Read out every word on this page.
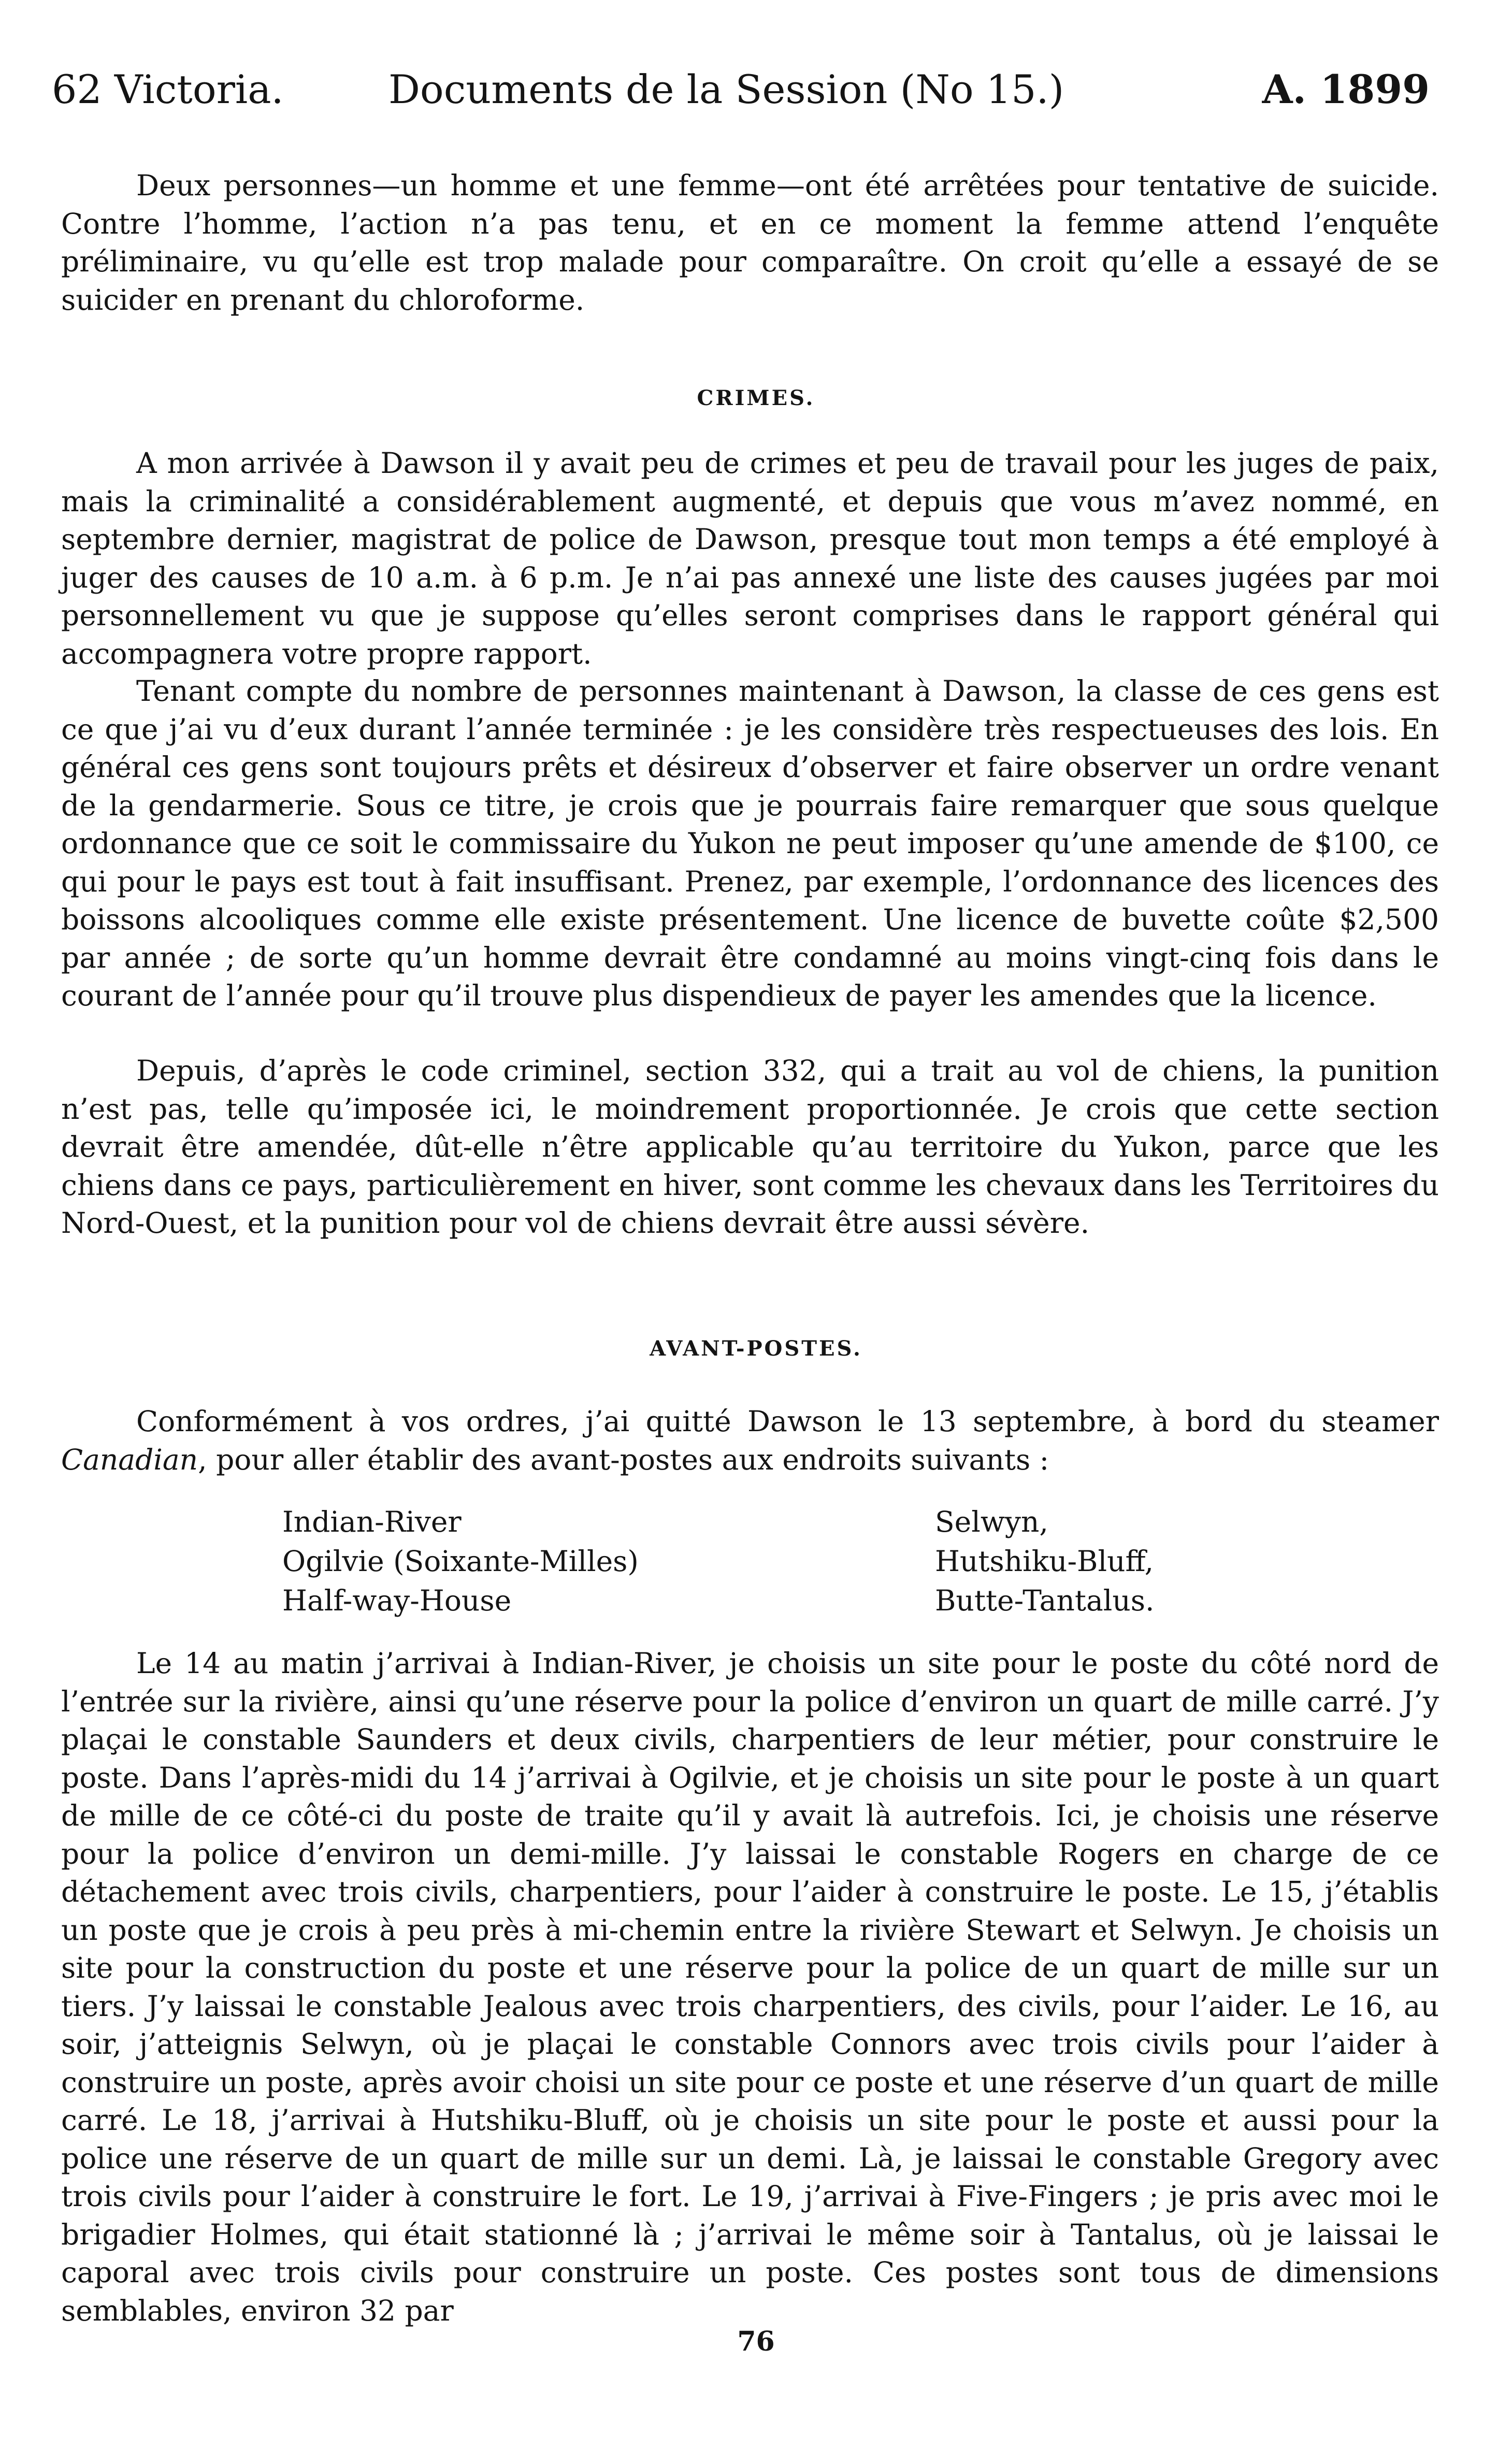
62 Victoria.	Documents de la Session (No 15.)	A. 1899

Deux personnes—un homme et une femme—ont été arrêtées pour tentative de suicide. Contre l’homme, l’action n’a pas tenu, et en ce moment la femme attend l’enquête préliminaire, vu qu’elle est trop malade pour comparaître. On croit qu’elle a essayé de se suicider en prenant du chloroforme.

CRIMES.

A mon arrivée à Dawson il y avait peu de crimes et peu de travail pour les juges de paix, mais la criminalité a considérablement augmenté, et depuis que vous m’avez nommé, en septembre dernier, magistrat de police de Dawson, presque tout mon temps a été employé à juger des causes de 10 a.m. à 6 p.m. Je n’ai pas annexé une liste des causes jugées par moi personnellement vu que je suppose qu’elles seront comprises dans le rapport général qui accompagnera votre propre rapport.

Tenant compte du nombre de personnes maintenant à Dawson, la classe de ces gens est ce que j’ai vu d’eux durant l’année terminée : je les considère très respectueuses des lois. En général ces gens sont toujours prêts et désireux d’observer et faire observer un ordre venant de la gendarmerie. Sous ce titre, je crois que je pourrais faire remarquer que sous quelque ordonnance que ce soit le commissaire du Yukon ne peut imposer qu’une amende de $100, ce qui pour le pays est tout à fait insuffisant. Prenez, par exemple, l’ordonnance des licences des boissons alcooliques comme elle existe présentement. Une licence de buvette coûte $2,500 par année ; de sorte qu’un homme devrait être condamné au moins vingt-cinq fois dans le courant de l’année pour qu’il trouve plus dispendieux de payer les amendes que la licence.

Depuis, d’après le code criminel, section 332, qui a trait au vol de chiens, la punition n’est pas, telle qu’imposée ici, le moindrement proportionnée. Je crois que cette section devrait être amendée, dût-elle n’être applicable qu’au territoire du Yukon, parce que les chiens dans ce pays, particulièrement en hiver, sont comme les chevaux dans les Territoires du Nord-Ouest, et la punition pour vol de chiens devrait être aussi sévère.

AVANT-POSTES.

Conformément à vos ordres, j’ai quitté Dawson le 13 septembre, à bord du steamer Canadian, pour aller établir des avant-postes aux endroits suivants :

Indian-River
Ogilvie (Soixante-Milles)
Half-way-House
Selwyn,
Hutshiku-Bluff,
Butte-Tantalus.

Le 14 au matin j’arrivai à Indian-River, je choisis un site pour le poste du côté nord de l’entrée sur la rivière, ainsi qu’une réserve pour la police d’environ un quart de mille carré. J’y plaçai le constable Saunders et deux civils, charpentiers de leur métier, pour construire le poste. Dans l’après-midi du 14 j’arrivai à Ogilvie, et je choisis un site pour le poste à un quart de mille de ce côté-ci du poste de traite qu’il y avait là autrefois. Ici, je choisis une réserve pour la police d’environ un demi-mille. J’y laissai le constable Rogers en charge de ce détachement avec trois civils, charpentiers, pour l’aider à construire le poste. Le 15, j’établis un poste que je crois à peu près à mi-chemin entre la rivière Stewart et Selwyn. Je choisis un site pour la construction du poste et une réserve pour la police de un quart de mille sur un tiers. J’y laissai le constable Jealous avec trois charpentiers, des civils, pour l’aider. Le 16, au soir, j’atteignis Selwyn, où je plaçai le constable Connors avec trois civils pour l’aider à construire un poste, après avoir choisi un site pour ce poste et une réserve d’un quart de mille carré. Le 18, j’arrivai à Hutshiku-Bluff, où je choisis un site pour le poste et aussi pour la police une réserve de un quart de mille sur un demi. Là, je laissai le constable Gregory avec trois civils pour l’aider à construire le fort. Le 19, j’arrivai à Five-Fingers ; je pris avec moi le brigadier Holmes, qui était stationné là ; j’arrivai le même soir à Tantalus, où je laissai le caporal avec trois civils pour construire un poste. Ces postes sont tous de dimensions semblables, environ 32 par

76
